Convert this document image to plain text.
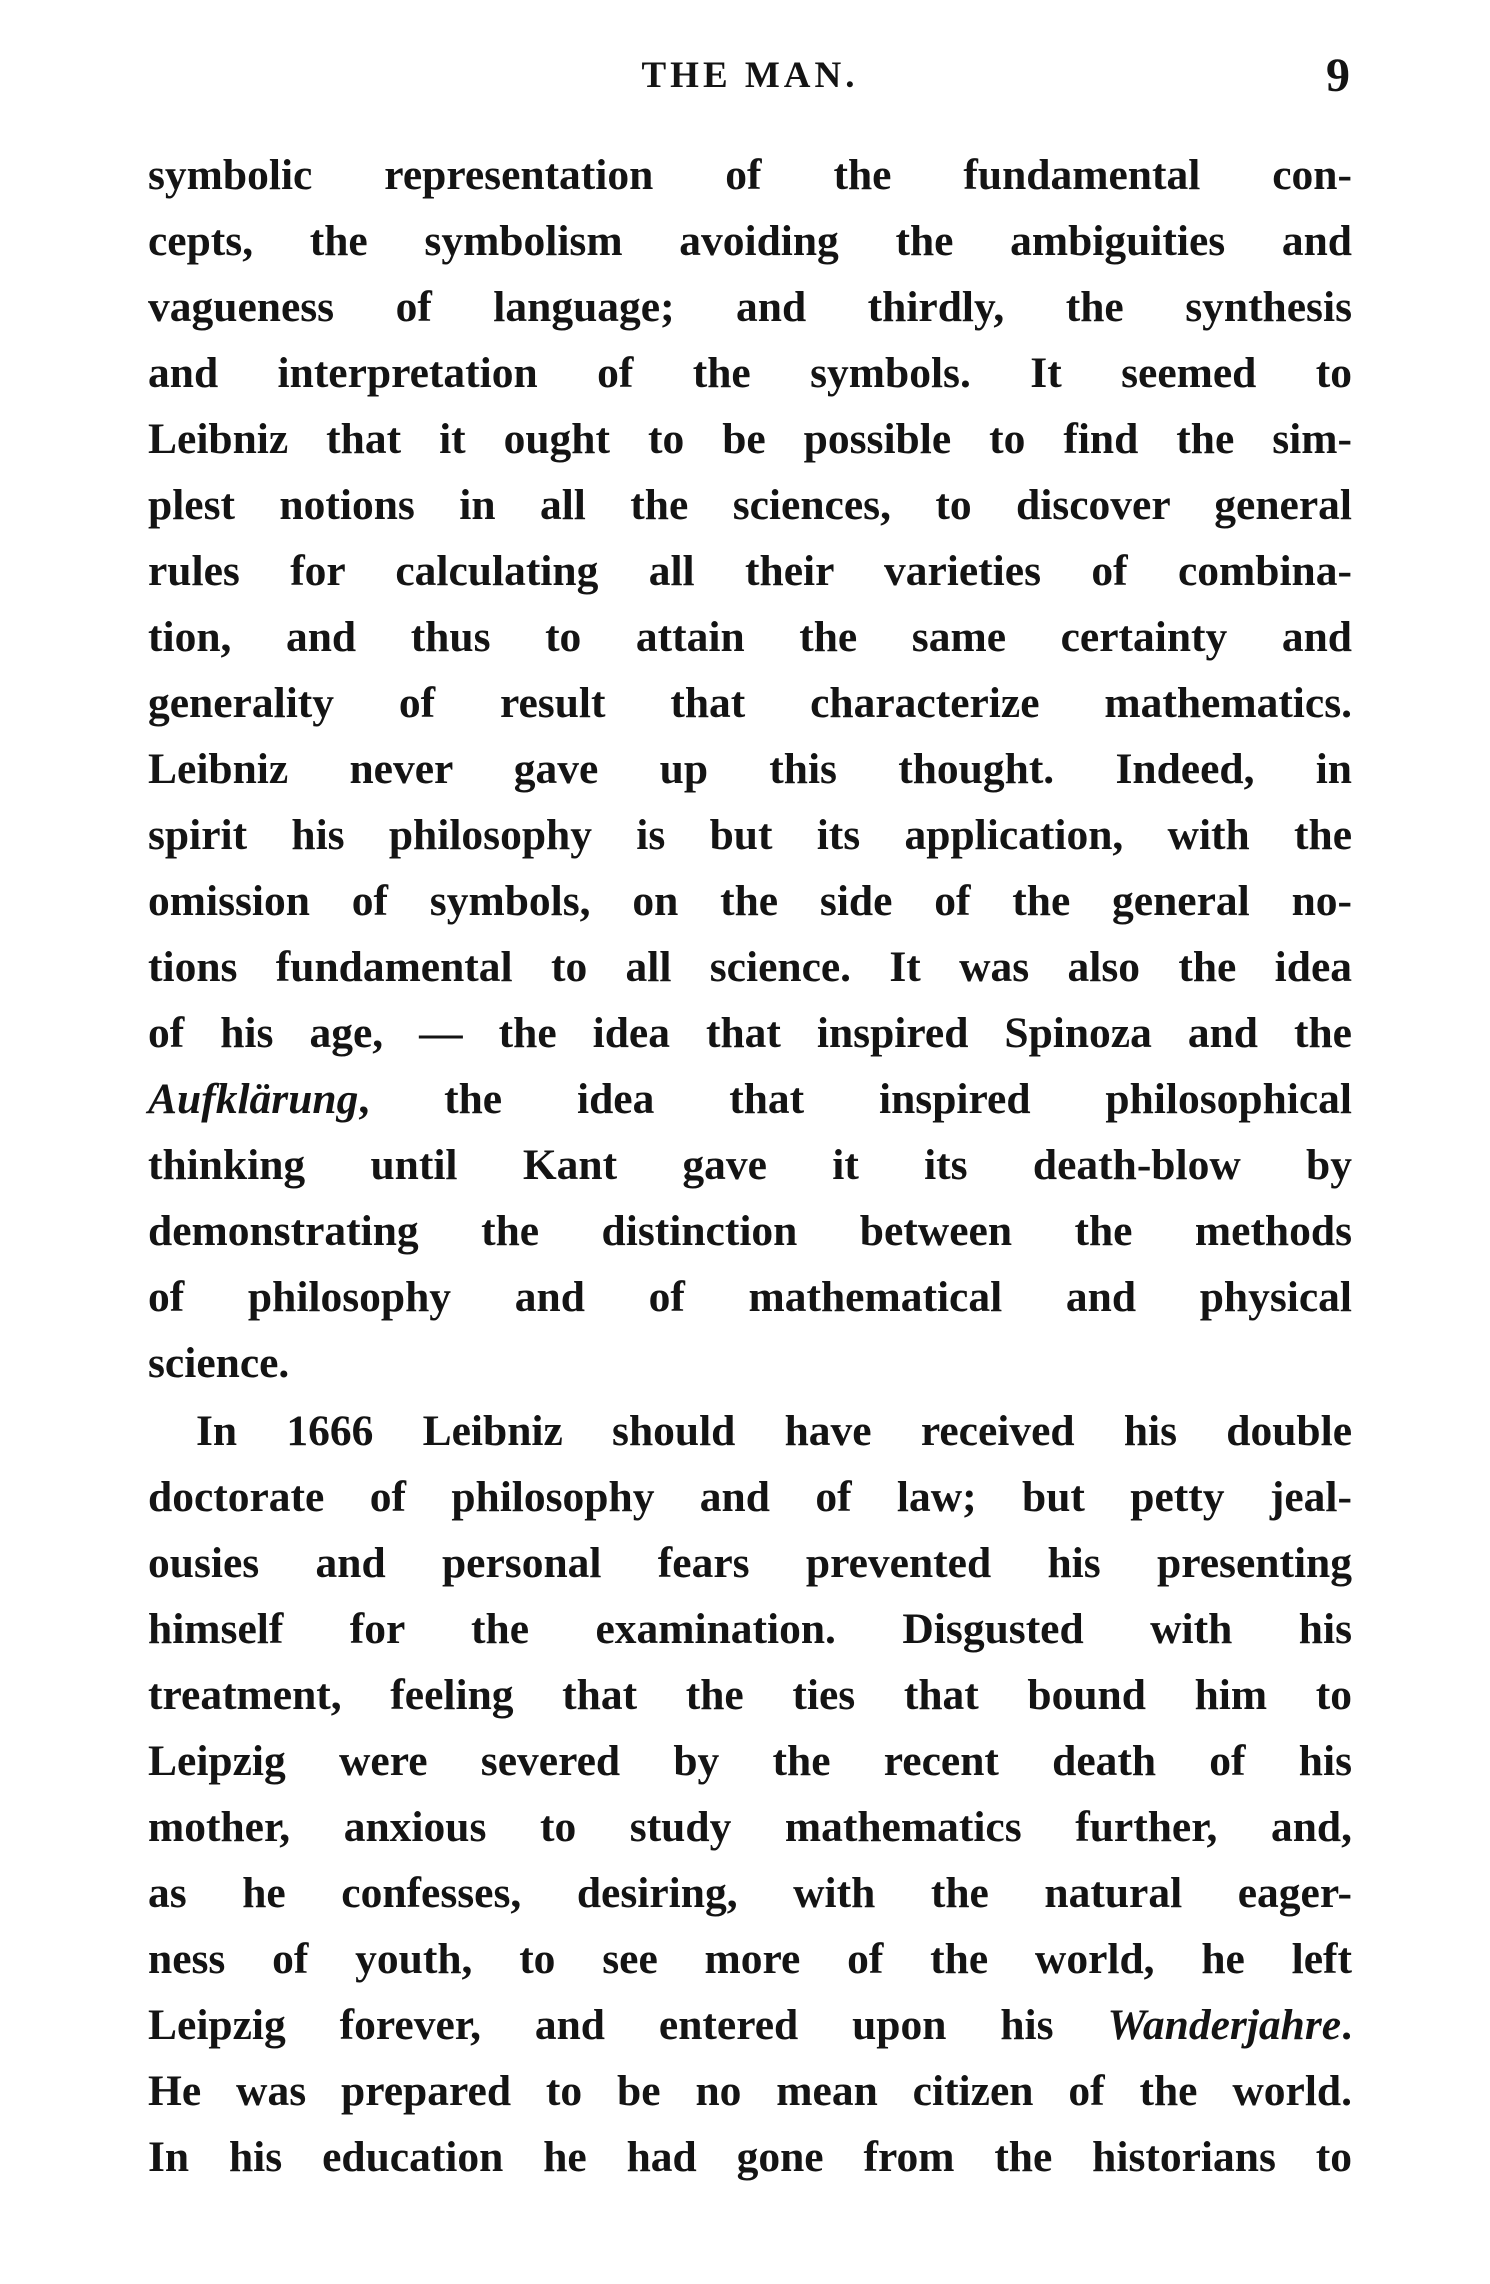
THE MAN.	9
symbolic representation of the fundamental con-
cepts, the symbolism avoiding the ambiguities and
vagueness of language; and thirdly, the synthesis
and interpretation of the symbols. It seemed to
Leibniz that it ought to be possible to find the sim-
plest notions in all the sciences, to discover general
rules for calculating all their varieties of combina-
tion, and thus to attain the same certainty and
generality of result that characterize mathematics.
Leibniz never gave up this thought. Indeed, in
spirit his philosophy is but its application, with the
omission of symbols, on the side of the general no-
tions fundamental to all science. It was also the idea
of his age, — the idea that inspired Spinoza and the
Aufklärung, the idea that inspired philosophical
thinking until Kant gave it its death-blow by
demonstrating the distinction between the methods
of philosophy and of mathematical and physical
science.
In 1666 Leibniz should have received his double
doctorate of philosophy and of law; but petty jeal-
ousies and personal fears prevented his presenting
himself for the examination. Disgusted with his
treatment, feeling that the ties that bound him to
Leipzig were severed by the recent death of his
mother, anxious to study mathematics further, and,
as he confesses, desiring, with the natural eager-
ness of youth, to see more of the world, he left
Leipzig forever, and entered upon his Wanderjahre.
He was prepared to be no mean citizen of the world.
In his education he had gone from the historians to
